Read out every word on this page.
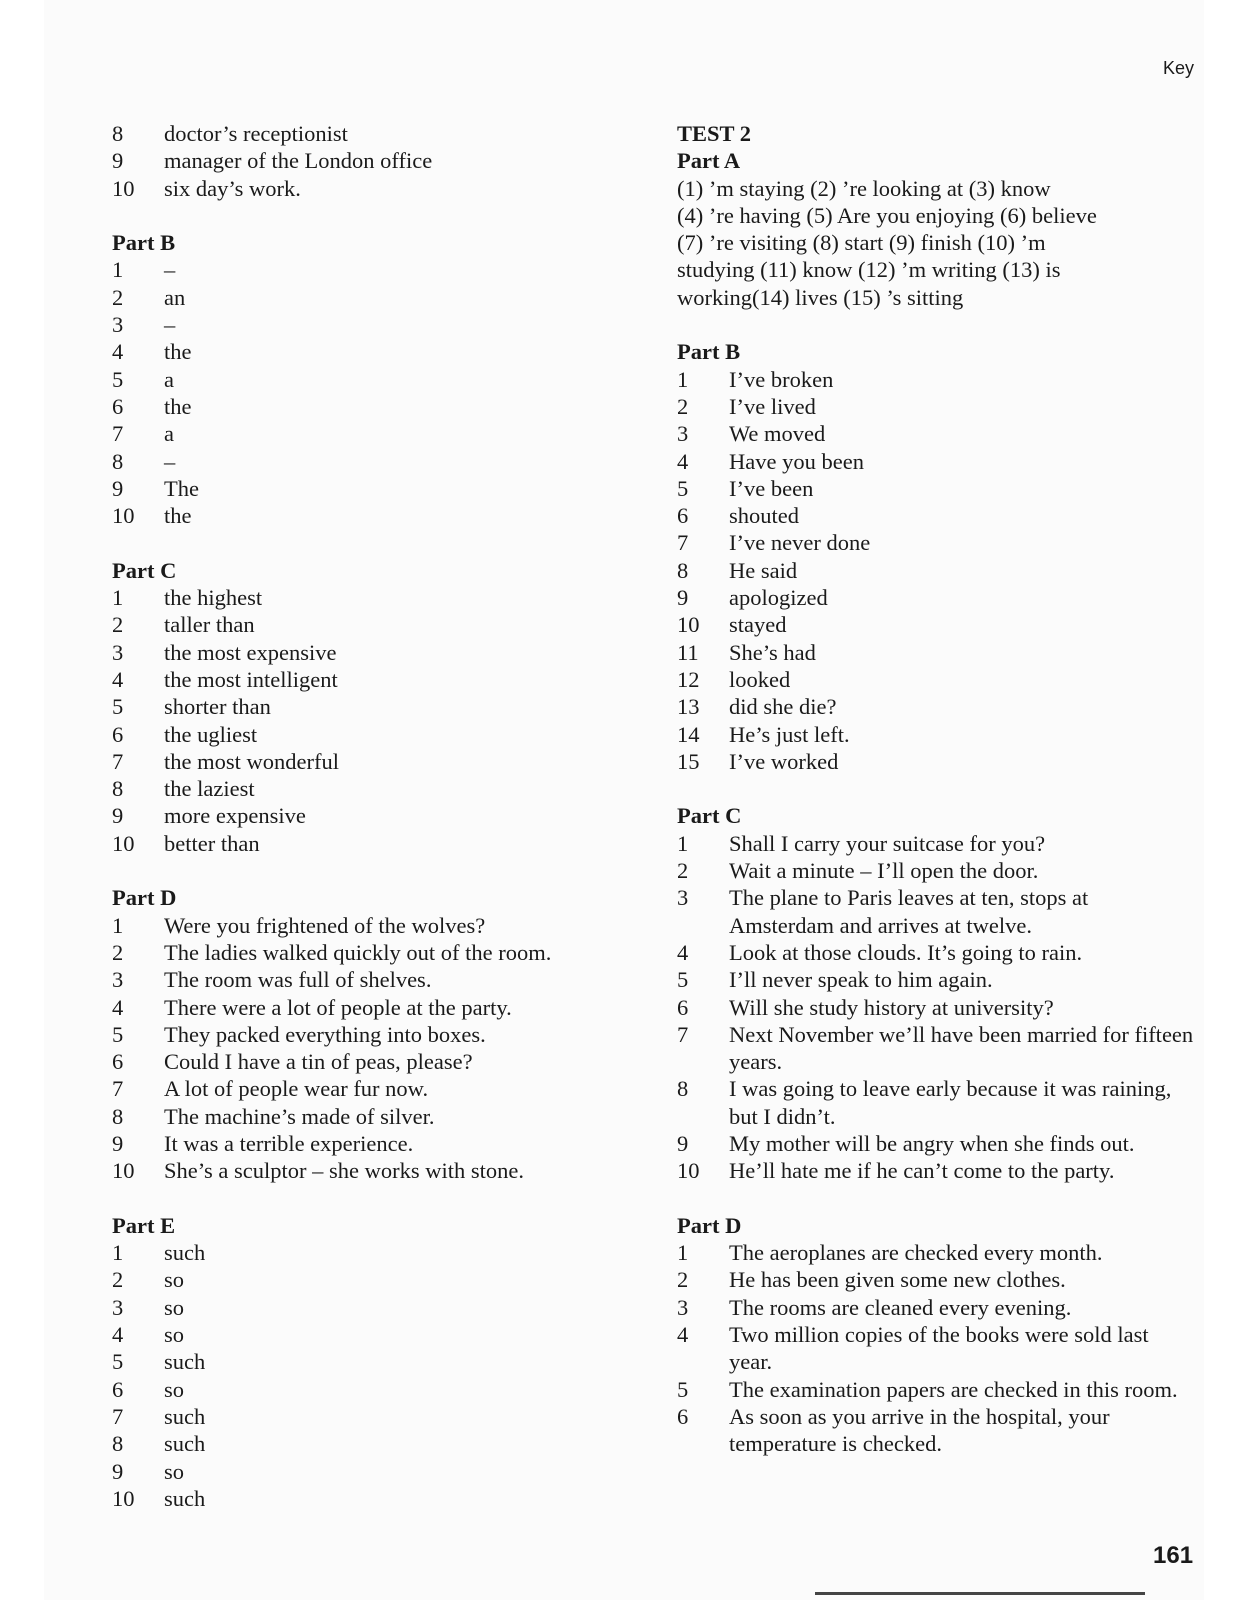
Key
8	doctor’s receptionist
9	manager of the London office
10	six day’s work.
Part B
1	–
2	an
3	–
4	the
5	a
6	the
7	a
8	–
9	The
10	the
Part C
1	the highest
2	taller than
3	the most expensive
4	the most intelligent
5	shorter than
6	the ugliest
7	the most wonderful
8	the laziest
9	more expensive
10	better than
Part D
1	Were you frightened of the wolves?
2	The ladies walked quickly out of the room.
3	The room was full of shelves.
4	There were a lot of people at the party.
5	They packed everything into boxes.
6	Could I have a tin of peas, please?
7	A lot of people wear fur now.
8	The machine’s made of silver.
9	It was a terrible experience.
10	She’s a sculptor – she works with stone.
Part E
1	such
2	so
3	so
4	so
5	such
6	so
7	such
8	such
9	so
10	such
TEST 2
Part A
(1) ’m staying (2) ’re looking at (3) know
(4) ’re having (5) Are you enjoying (6) believe
(7) ’re visiting (8) start (9) finish (10) ’m
studying (11) know (12) ’m writing (13) is
working(14) lives (15) ’s sitting
Part B
1	I’ve broken
2	I’ve lived
3	We moved
4	Have you been
5	I’ve been
6	shouted
7	I’ve never done
8	He said
9	apologized
10	stayed
11	She’s had
12	looked
13	did she die?
14	He’s just left.
15	I’ve worked
Part C
1	Shall I carry your suitcase for you?
2	Wait a minute – I’ll open the door.
3	The plane to Paris leaves at ten, stops at Amsterdam and arrives at twelve.
4	Look at those clouds. It’s going to rain.
5	I’ll never speak to him again.
6	Will she study history at university?
7	Next November we’ll have been married for fifteen years.
8	I was going to leave early because it was raining, but I didn’t.
9	My mother will be angry when she finds out.
10	He’ll hate me if he can’t come to the party.
Part D
1	The aeroplanes are checked every month.
2	He has been given some new clothes.
3	The rooms are cleaned every evening.
4	Two million copies of the books were sold last year.
5	The examination papers are checked in this room.
6	As soon as you arrive in the hospital, your temperature is checked.
161
